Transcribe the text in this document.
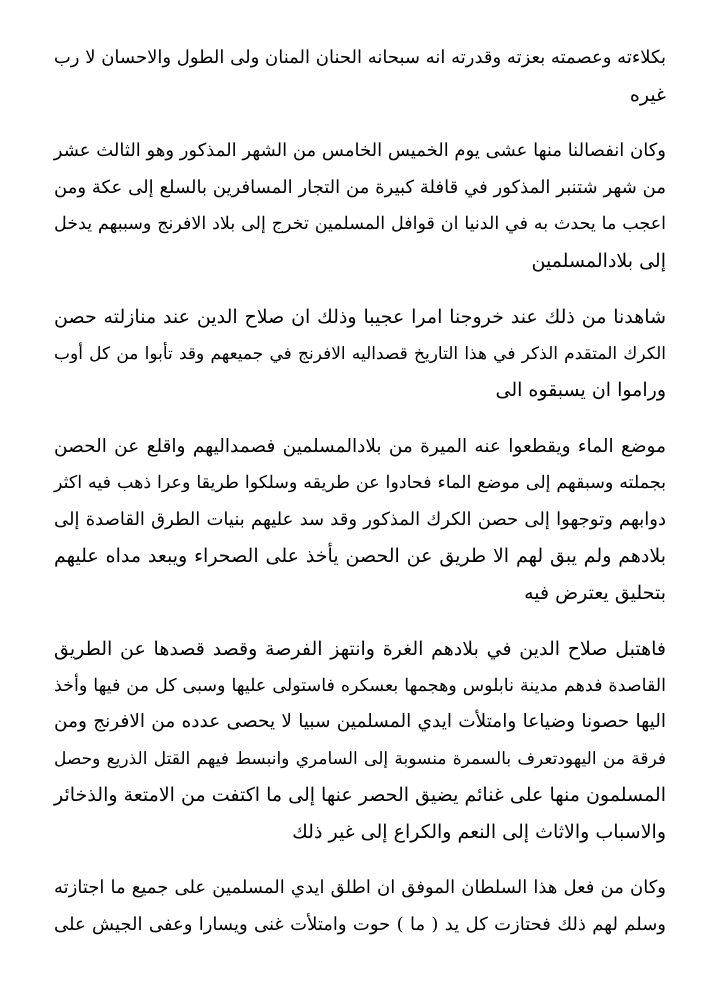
بكلاءته وعصمته بعزته وقدرته انه سبحانه الحنان المنان ولى الطول والاحسان لا رب
غيره

وكان انفصالنا منها عشى يوم الخميس الخامس من الشهر المذكور وهو الثالث عشر
من شهر شتنبر المذكور في قافلة كبيرة من التجار المسافرين بالسلع إلى عكة ومن
اعجب ما يحدث به في الدنيا ان قوافل المسلمين تخرج إلى بلاد الافرنج وسببهم يدخل
إلى بلادالمسلمين

شاهدنا من ذلك عند خروجنا امرا عجيبا وذلك ان صلاح الدين عند منازلته حصن
الكرك المتقدم الذكر في هذا التاريخ قصداليه الافرنج في جميعهم وقد تأبوا من كل أوب
وراموا ان يسبقوه الى

موضع الماء ويقطعوا عنه الميرة من بلادالمسلمين فصمداليهم واقلع عن الحصن
بجملته وسبقهم إلى موضع الماء فحادوا عن طريقه وسلكوا طريقا وعرا ذهب فيه اكثر
دوابهم وتوجهوا إلى حصن الكرك المذكور وقد سد عليهم بنيات الطرق القاصدة إلى
بلادهم ولم يبق لهم الا طريق عن الحصن يأخذ على الصحراء ويبعد مداه عليهم
بتحليق يعترض فيه

فاهتبل صلاح الدين في بلادهم الغرة وانتهز الفرصة وقصد قصدها عن الطريق
القاصدة فدهم مدينة نابلوس وهجمها بعسكره فاستولى عليها وسبى كل من فيها وأخذ
اليها حصونا وضياعا وامتلأت ايدي المسلمين سبيا لا يحصى عدده من الافرنج ومن
فرقة من اليهودتعرف بالسمرة منسوبة إلى السامري وانبسط فيهم القتل الذريع وحصل
المسلمون منها على غنائم يضيق الحصر عنها إلى ما اكتفت من الامتعة والذخائر
والاسباب والاثاث إلى النعم والكراع إلى غير ذلك

وكان من فعل هذا السلطان الموفق ان اطلق ايدي المسلمين على جميع ما اجتازته
وسلم لهم ذلك فحتازت كل يد ( ما ) حوت وامتلأت غنى ويسارا وعفى الجيش على
